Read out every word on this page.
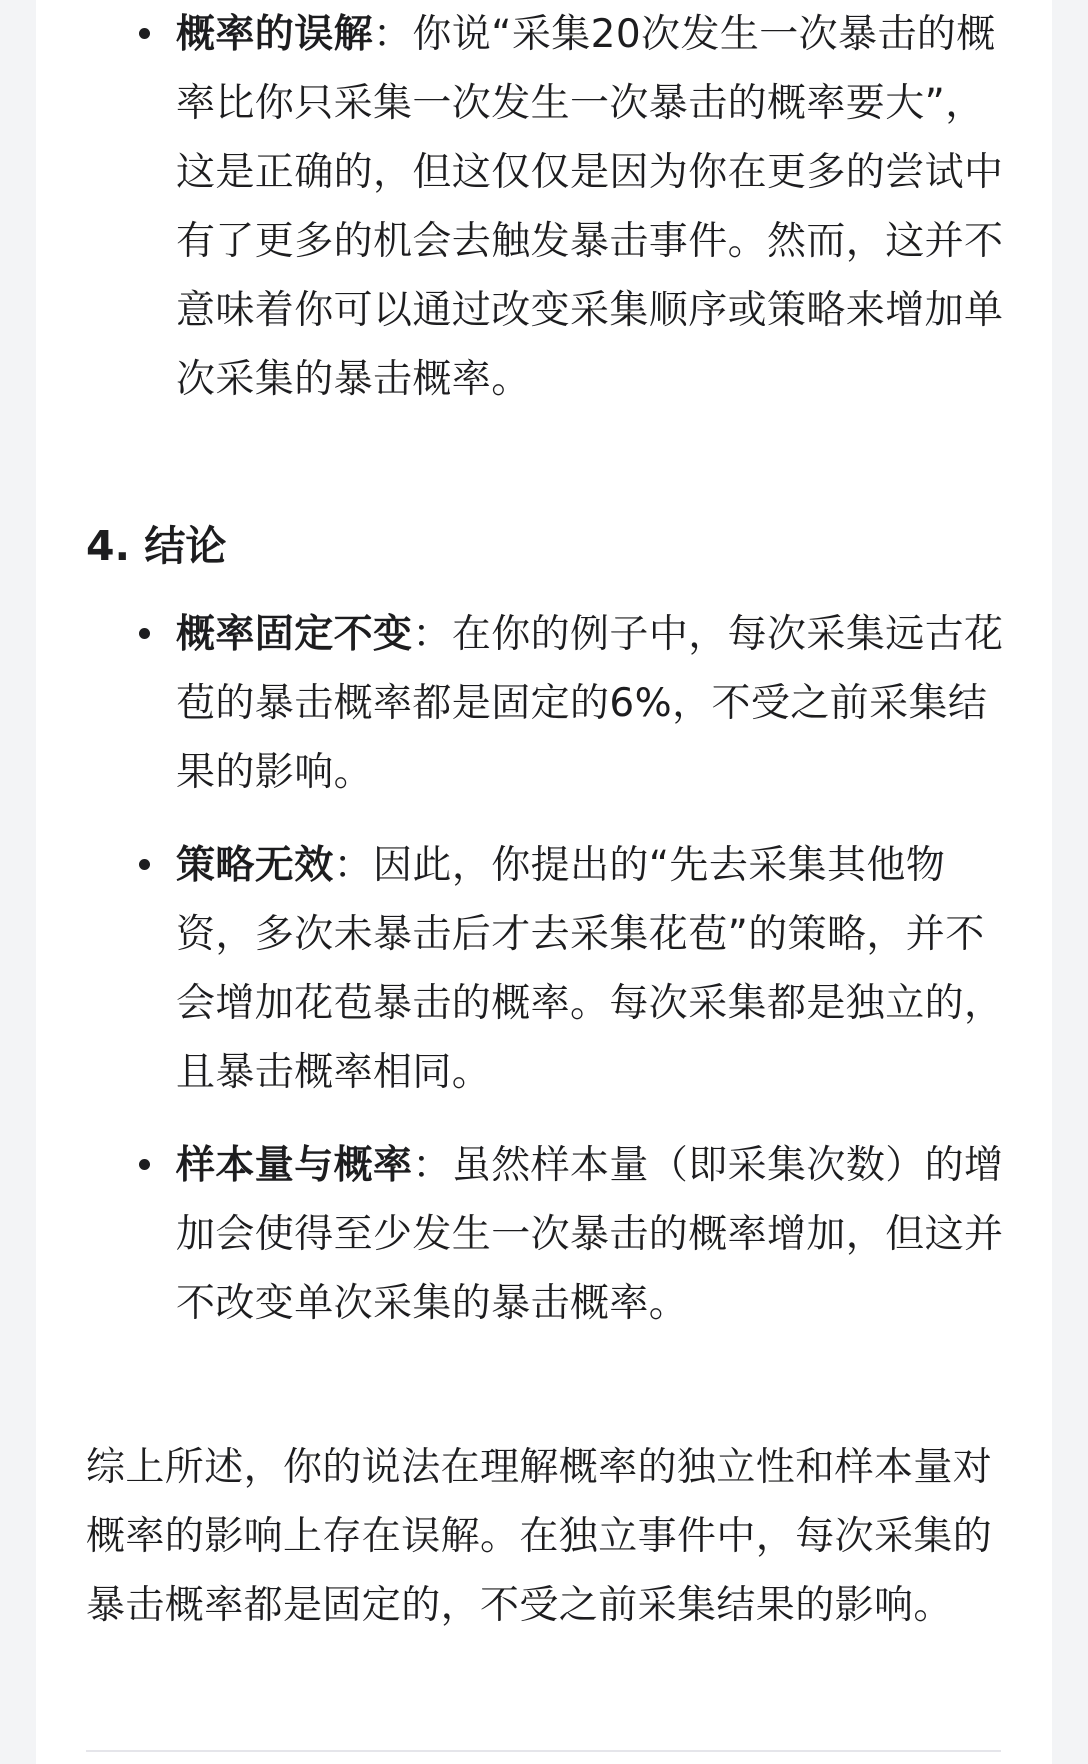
概率的误解：你说“采集20次发生一次暴击的概率比你只采集一次发生一次暴击的概率要大”，这是正确的，但这仅仅是因为你在更多的尝试中有了更多的机会去触发暴击事件。然而，这并不意味着你可以通过改变采集顺序或策略来增加单次采集的暴击概率。
4. 结论
概率固定不变：在你的例子中，每次采集远古花苞的暴击概率都是固定的6%，不受之前采集结果的影响。
策略无效：因此，你提出的“先去采集其他物资，多次未暴击后才去采集花苞”的策略，并不会增加花苞暴击的概率。每次采集都是独立的，且暴击概率相同。
样本量与概率：虽然样本量（即采集次数）的增加会使得至少发生一次暴击的概率增加，但这并不改变单次采集的暴击概率。

综上所述，你的说法在理解概率的独立性和样本量对概率的影响上存在误解。在独立事件中，每次采集的暴击概率都是固定的，不受之前采集结果的影响。
